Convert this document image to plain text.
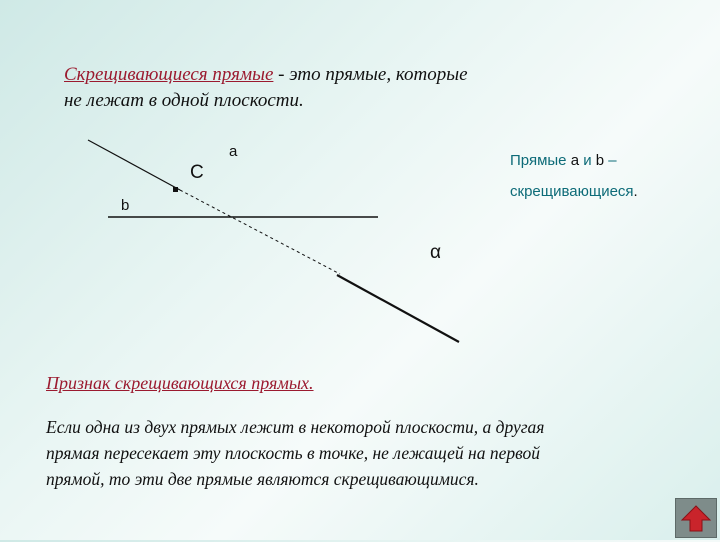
Скрещивающиеся прямые - это прямые, которые
не лежат в одной плоскости.
a
C
b
α
Прямые a и b –
скрещивающиеся.
Признак скрещивающихся прямых.
Если одна из двух прямых лежит в некоторой плоскости, а другая
прямая пересекает эту плоскость в точке, не лежащей на первой
прямой, то эти две прямые являются скрещивающимися.
